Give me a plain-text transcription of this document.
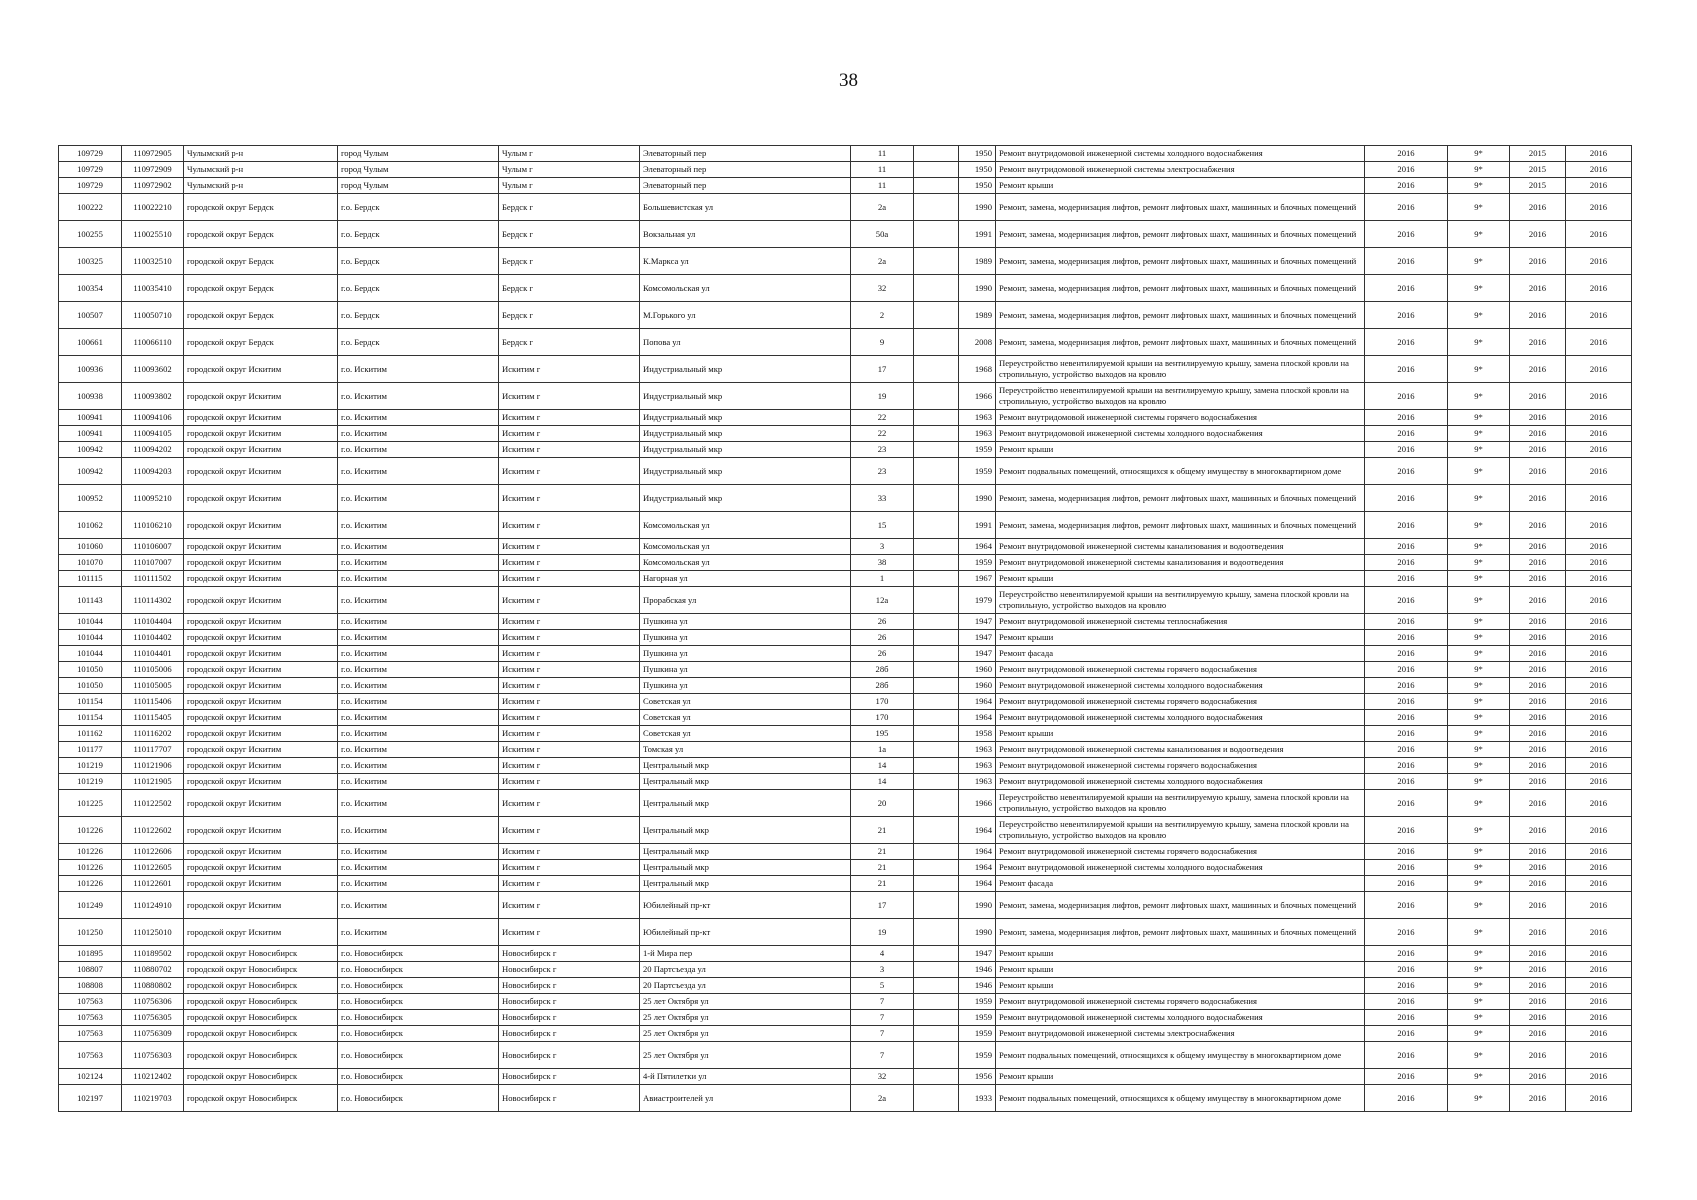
38
109729	110972905	Чулымский р-н	город Чулым	Чулым г	Элеваторный пер	11		1950	Ремонт внутридомовой инженерной системы холодного водоснабжения	2016	9*	2015	2016
109729	110972909	Чулымский р-н	город Чулым	Чулым г	Элеваторный пер	11		1950	Ремонт внутридомовой инженерной системы электроснабжения	2016	9*	2015	2016
109729	110972902	Чулымский р-н	город Чулым	Чулым г	Элеваторный пер	11		1950	Ремонт крыши	2016	9*	2015	2016
100222	110022210	городской округ Бердск	г.о. Бердск	Бердск г	Большевистская ул	2а		1990	Ремонт, замена, модернизация лифтов, ремонт лифтовых шахт, машинных и блочных помещений	2016	9*	2016	2016
100255	110025510	городской округ Бердск	г.о. Бердск	Бердск г	Вокзальная ул	50а		1991	Ремонт, замена, модернизация лифтов, ремонт лифтовых шахт, машинных и блочных помещений	2016	9*	2016	2016
100325	110032510	городской округ Бердск	г.о. Бердск	Бердск г	К.Маркса ул	2а		1989	Ремонт, замена, модернизация лифтов, ремонт лифтовых шахт, машинных и блочных помещений	2016	9*	2016	2016
100354	110035410	городской округ Бердск	г.о. Бердск	Бердск г	Комсомольская ул	32		1990	Ремонт, замена, модернизация лифтов, ремонт лифтовых шахт, машинных и блочных помещений	2016	9*	2016	2016
100507	110050710	городской округ Бердск	г.о. Бердск	Бердск г	М.Горького ул	2		1989	Ремонт, замена, модернизация лифтов, ремонт лифтовых шахт, машинных и блочных помещений	2016	9*	2016	2016
100661	110066110	городской округ Бердск	г.о. Бердск	Бердск г	Попова ул	9		2008	Ремонт, замена, модернизация лифтов, ремонт лифтовых шахт, машинных и блочных помещений	2016	9*	2016	2016
100936	110093602	городской округ Искитим	г.о. Искитим	Искитим г	Индустриальный мкр	17		1968	Переустройство невентилируемой крыши на вентилируемую крышу, замена плоской кровли на стропильную, устройство выходов на кровлю	2016	9*	2016	2016
100938	110093802	городской округ Искитим	г.о. Искитим	Искитим г	Индустриальный мкр	19		1966	Переустройство невентилируемой крыши на вентилируемую крышу, замена плоской кровли на стропильную, устройство выходов на кровлю	2016	9*	2016	2016
100941	110094106	городской округ Искитим	г.о. Искитим	Искитим г	Индустриальный мкр	22		1963	Ремонт внутридомовой инженерной системы горячего водоснабжения	2016	9*	2016	2016
100941	110094105	городской округ Искитим	г.о. Искитим	Искитим г	Индустриальный мкр	22		1963	Ремонт внутридомовой инженерной системы холодного водоснабжения	2016	9*	2016	2016
100942	110094202	городской округ Искитим	г.о. Искитим	Искитим г	Индустриальный мкр	23		1959	Ремонт крыши	2016	9*	2016	2016
100942	110094203	городской округ Искитим	г.о. Искитим	Искитим г	Индустриальный мкр	23		1959	Ремонт подвальных помещений, относящихся к общему имуществу в многоквартирном доме	2016	9*	2016	2016
100952	110095210	городской округ Искитим	г.о. Искитим	Искитим г	Индустриальный мкр	33		1990	Ремонт, замена, модернизация лифтов, ремонт лифтовых шахт, машинных и блочных помещений	2016	9*	2016	2016
101062	110106210	городской округ Искитим	г.о. Искитим	Искитим г	Комсомольская ул	15		1991	Ремонт, замена, модернизация лифтов, ремонт лифтовых шахт, машинных и блочных помещений	2016	9*	2016	2016
101060	110106007	городской округ Искитим	г.о. Искитим	Искитим г	Комсомольская ул	3		1964	Ремонт внутридомовой инженерной системы канализования и водоотведения	2016	9*	2016	2016
101070	110107007	городской округ Искитим	г.о. Искитим	Искитим г	Комсомольская ул	38		1959	Ремонт внутридомовой инженерной системы канализования и водоотведения	2016	9*	2016	2016
101115	110111502	городской округ Искитим	г.о. Искитим	Искитим г	Нагорная ул	1		1967	Ремонт крыши	2016	9*	2016	2016
101143	110114302	городской округ Искитим	г.о. Искитим	Искитим г	Прорабская ул	12а		1979	Переустройство невентилируемой крыши на вентилируемую крышу, замена плоской кровли на стропильную, устройство выходов на кровлю	2016	9*	2016	2016
101044	110104404	городской округ Искитим	г.о. Искитим	Искитим г	Пушкина ул	26		1947	Ремонт внутридомовой инженерной системы теплоснабжения	2016	9*	2016	2016
101044	110104402	городской округ Искитим	г.о. Искитим	Искитим г	Пушкина ул	26		1947	Ремонт крыши	2016	9*	2016	2016
101044	110104401	городской округ Искитим	г.о. Искитим	Искитим г	Пушкина ул	26		1947	Ремонт фасада	2016	9*	2016	2016
101050	110105006	городской округ Искитим	г.о. Искитим	Искитим г	Пушкина ул	28б		1960	Ремонт внутридомовой инженерной системы горячего водоснабжения	2016	9*	2016	2016
101050	110105005	городской округ Искитим	г.о. Искитим	Искитим г	Пушкина ул	28б		1960	Ремонт внутридомовой инженерной системы холодного водоснабжения	2016	9*	2016	2016
101154	110115406	городской округ Искитим	г.о. Искитим	Искитим г	Советская ул	170		1964	Ремонт внутридомовой инженерной системы горячего водоснабжения	2016	9*	2016	2016
101154	110115405	городской округ Искитим	г.о. Искитим	Искитим г	Советская ул	170		1964	Ремонт внутридомовой инженерной системы холодного водоснабжения	2016	9*	2016	2016
101162	110116202	городской округ Искитим	г.о. Искитим	Искитим г	Советская ул	195		1958	Ремонт крыши	2016	9*	2016	2016
101177	110117707	городской округ Искитим	г.о. Искитим	Искитим г	Томская ул	1а		1963	Ремонт внутридомовой инженерной системы канализования и водоотведения	2016	9*	2016	2016
101219	110121906	городской округ Искитим	г.о. Искитим	Искитим г	Центральный мкр	14		1963	Ремонт внутридомовой инженерной системы горячего водоснабжения	2016	9*	2016	2016
101219	110121905	городской округ Искитим	г.о. Искитим	Искитим г	Центральный мкр	14		1963	Ремонт внутридомовой инженерной системы холодного водоснабжения	2016	9*	2016	2016
101225	110122502	городской округ Искитим	г.о. Искитим	Искитим г	Центральный мкр	20		1966	Переустройство невентилируемой крыши на вентилируемую крышу, замена плоской кровли на стропильную, устройство выходов на кровлю	2016	9*	2016	2016
101226	110122602	городской округ Искитим	г.о. Искитим	Искитим г	Центральный мкр	21		1964	Переустройство невентилируемой крыши на вентилируемую крышу, замена плоской кровли на стропильную, устройство выходов на кровлю	2016	9*	2016	2016
101226	110122606	городской округ Искитим	г.о. Искитим	Искитим г	Центральный мкр	21		1964	Ремонт внутридомовой инженерной системы горячего водоснабжения	2016	9*	2016	2016
101226	110122605	городской округ Искитим	г.о. Искитим	Искитим г	Центральный мкр	21		1964	Ремонт внутридомовой инженерной системы холодного водоснабжения	2016	9*	2016	2016
101226	110122601	городской округ Искитим	г.о. Искитим	Искитим г	Центральный мкр	21		1964	Ремонт фасада	2016	9*	2016	2016
101249	110124910	городской округ Искитим	г.о. Искитим	Искитим г	Юбилейный пр-кт	17		1990	Ремонт, замена, модернизация лифтов, ремонт лифтовых шахт, машинных и блочных помещений	2016	9*	2016	2016
101250	110125010	городской округ Искитим	г.о. Искитим	Искитим г	Юбилейный пр-кт	19		1990	Ремонт, замена, модернизация лифтов, ремонт лифтовых шахт, машинных и блочных помещений	2016	9*	2016	2016
101895	110189502	городской округ Новосибирск	г.о. Новосибирск	Новосибирск г	1-й Мира пер	4		1947	Ремонт крыши	2016	9*	2016	2016
108807	110880702	городской округ Новосибирск	г.о. Новосибирск	Новосибирск г	20 Партсъезда ул	3		1946	Ремонт крыши	2016	9*	2016	2016
108808	110880802	городской округ Новосибирск	г.о. Новосибирск	Новосибирск г	20 Партсъезда ул	5		1946	Ремонт крыши	2016	9*	2016	2016
107563	110756306	городской округ Новосибирск	г.о. Новосибирск	Новосибирск г	25 лет Октября ул	7		1959	Ремонт внутридомовой инженерной системы горячего водоснабжения	2016	9*	2016	2016
107563	110756305	городской округ Новосибирск	г.о. Новосибирск	Новосибирск г	25 лет Октября ул	7		1959	Ремонт внутридомовой инженерной системы холодного водоснабжения	2016	9*	2016	2016
107563	110756309	городской округ Новосибирск	г.о. Новосибирск	Новосибирск г	25 лет Октября ул	7		1959	Ремонт внутридомовой инженерной системы электроснабжения	2016	9*	2016	2016
107563	110756303	городской округ Новосибирск	г.о. Новосибирск	Новосибирск г	25 лет Октября ул	7		1959	Ремонт подвальных помещений, относящихся к общему имуществу в многоквартирном доме	2016	9*	2016	2016
102124	110212402	городской округ Новосибирск	г.о. Новосибирск	Новосибирск г	4-й Пятилетки ул	32		1956	Ремонт крыши	2016	9*	2016	2016
102197	110219703	городской округ Новосибирск	г.о. Новосибирск	Новосибирск г	Авиастроителей ул	2а		1933	Ремонт подвальных помещений, относящихся к общему имуществу в многоквартирном доме	2016	9*	2016	2016
